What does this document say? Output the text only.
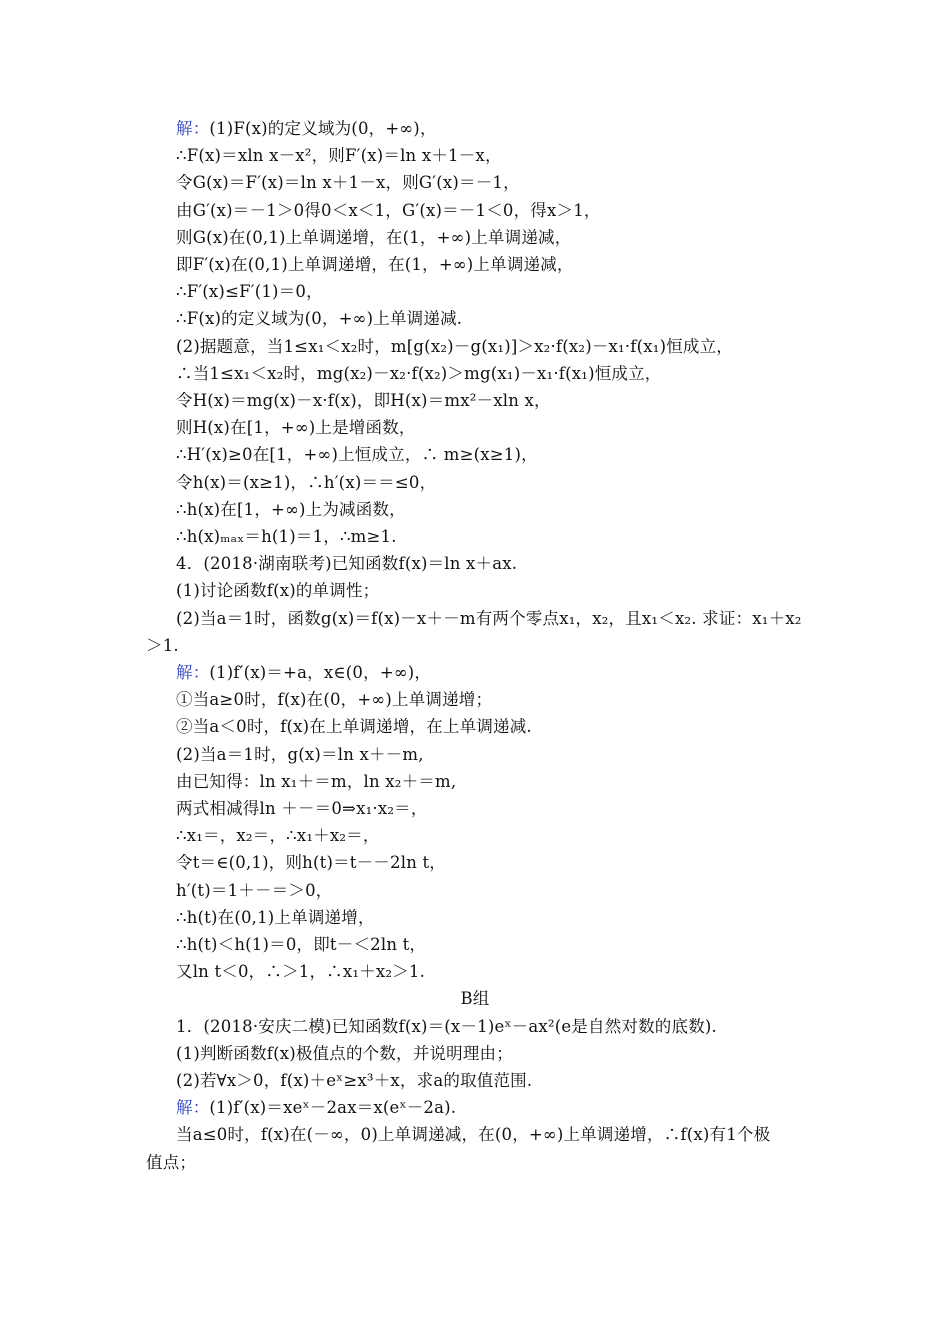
解：(1)F(x)的定义域为(0，+∞)，
∴F(x)＝xln x－x²，则F′(x)＝ln x＋1－x，
令G(x)＝F′(x)＝ln x＋1－x，则G′(x)＝－1，
由G′(x)＝－1＞0得0＜x＜1，G′(x)＝－1＜0，得x＞1，
则G(x)在(0,1)上单调递增，在(1，+∞)上单调递减，
即F′(x)在(0,1)上单调递增，在(1，+∞)上单调递减，
∴F′(x)≤F′(1)＝0，
∴F(x)的定义域为(0，+∞)上单调递减.
(2)据题意，当1≤x₁＜x₂时，m[g(x₂)－g(x₁)]＞x₂·f(x₂)－x₁·f(x₁)恒成立，
∴当1≤x₁＜x₂时，mg(x₂)－x₂·f(x₂)＞mg(x₁)－x₁·f(x₁)恒成立，
令H(x)＝mg(x)－x·f(x)，即H(x)＝mx²－xln x，
则H(x)在[1，+∞)上是增函数，
∴H′(x)≥0在[1，+∞)上恒成立，∴ m≥(x≥1)，
令h(x)＝(x≥1)，∴h′(x)＝＝≤0，
∴h(x)在[1，+∞)上为减函数，
∴h(x)ₘₐₓ＝h(1)＝1，∴m≥1.
4．(2018·湖南联考)已知函数f(x)＝ln x＋ax.
(1)讨论函数f(x)的单调性；
(2)当a＝1时，函数g(x)＝f(x)－x＋－m有两个零点x₁，x₂，且x₁＜x₂. 求证：x₁＋x₂
＞1.
解：(1)f′(x)＝+a，x∈(0，+∞)，
①当a≥0时，f(x)在(0，+∞)上单调递增；
②当a＜0时，f(x)在上单调递增，在上单调递减.
(2)当a＝1时，g(x)＝ln x＋－m,
由已知得：ln x₁＋＝m，ln x₂＋＝m,
两式相减得ln ＋－＝0⇒x₁·x₂＝，
∴x₁＝，x₂＝，∴x₁＋x₂＝，
令t＝∈(0,1)，则h(t)＝t－－2ln t，
h′(t)＝1＋－＝＞0，
∴h(t)在(0,1)上单调递增，
∴h(t)＜h(1)＝0，即t－＜2ln t，
又ln t＜0，∴＞1，∴x₁＋x₂＞1.
B组
1．(2018·安庆二模)已知函数f(x)＝(x－1)eˣ－ax²(e是自然对数的底数).
(1)判断函数f(x)极值点的个数，并说明理由；
(2)若∀x＞0，f(x)＋eˣ≥x³＋x，求a的取值范围.
解：(1)f′(x)＝xeˣ－2ax＝x(eˣ－2a).
当a≤0时，f(x)在(－∞，0)上单调递减，在(0，+∞)上单调递增，∴f(x)有1个极
值点；
